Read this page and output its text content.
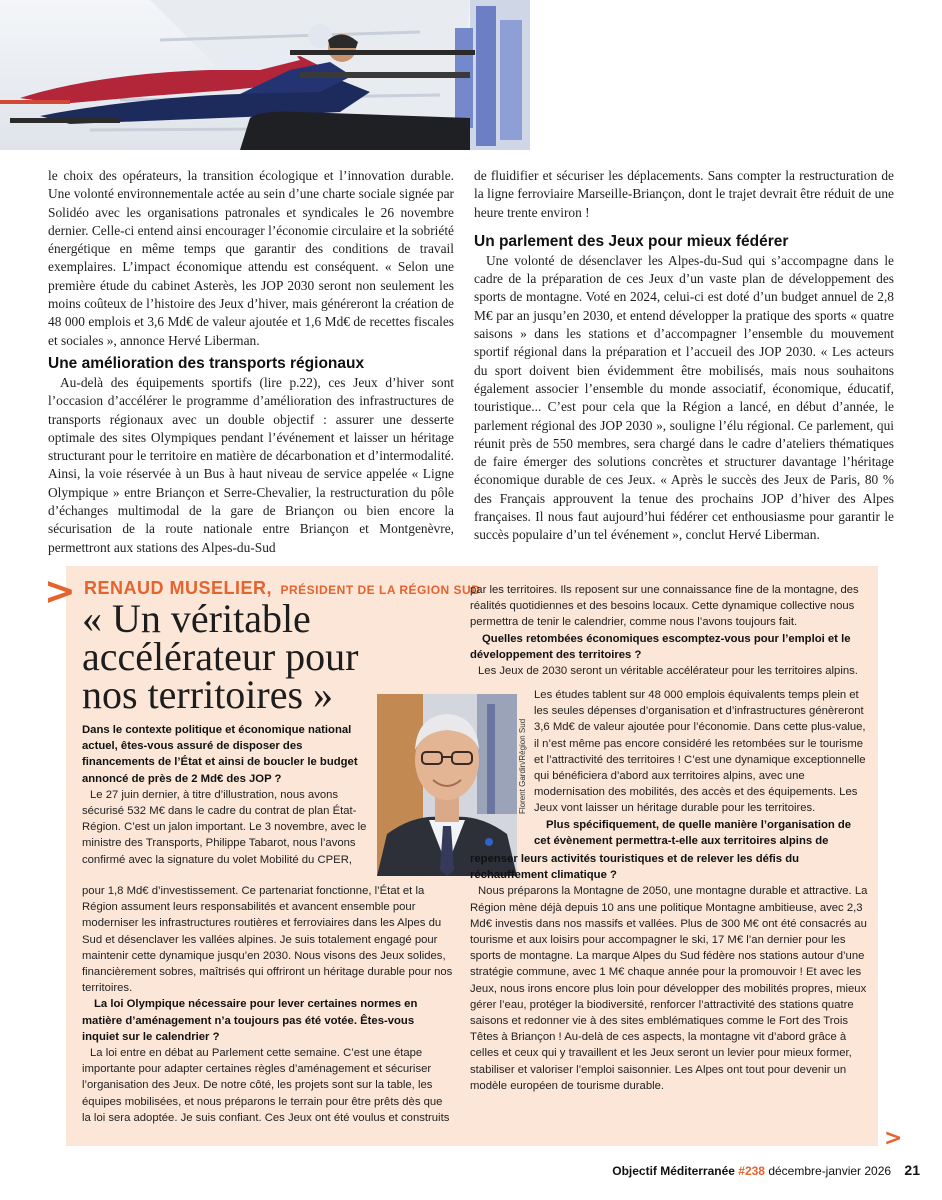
le choix des opérateurs, la transition écologique et l’innovation durable. Une volonté environnementale actée au sein d’une charte sociale signée par Solidéo avec les organisations patronales et syndicales le 26 novembre dernier. Celle-ci entend ainsi encourager l’économie circulaire et la sobriété énergétique en même temps que garantir des conditions de travail exemplaires. L’impact économique attendu est conséquent. « Selon une première étude du cabinet Asterès, les JOP 2030 seront non seulement les moins coûteux de l’histoire des Jeux d’hiver, mais généreront la création de 48 000 emplois et 3,6 Md€ de valeur ajoutée et 1,6 Md€ de recettes fiscales et sociales », annonce Hervé Liberman.

Une amélioration des transports régionaux

Au-delà des équipements sportifs (lire p.22), ces Jeux d’hiver sont l’occasion d’accélérer le programme d’amélioration des infrastructures de transports régionaux avec un double objectif : assurer une desserte optimale des sites Olympiques pendant l’événement et laisser un héritage structurant pour le territoire en matière de décarbonation et d’intermodalité. Ainsi, la voie réservée à un Bus à haut niveau de service appelée « Ligne Olympique » entre Briançon et Serre-Chevalier, la restructuration du pôle d’échanges multimodal de la gare de Briançon ou bien encore la sécurisation de la route nationale entre Briançon et Montgenèvre, permettront aux stations des Alpes-du-Sud

de fluidifier et sécuriser les déplacements. Sans compter la restructuration de la ligne ferroviaire Marseille-Briançon, dont le trajet devrait être réduit de une heure trente environ !

Un parlement des Jeux pour mieux fédérer

Une volonté de désenclaver les Alpes-du-Sud qui s’accompagne dans le cadre de la préparation de ces Jeux d’un vaste plan de développement des sports de montagne. Voté en 2024, celui-ci est doté d’un budget annuel de 2,8 M€ par an jusqu’en 2030, et entend développer la pratique des sports « quatre saisons » dans les stations et d’accompagner l’ensemble du mouvement sportif régional dans la préparation et l’accueil des JOP 2030. « Les acteurs du sport doivent bien évidemment être mobilisés, mais nous souhaitons également associer l’ensemble du monde associatif, économique, éducatif, touristique... C’est pour cela que la Région a lancé, en début d’année, le parlement régional des JOP 2030 », souligne l’élu régional. Ce parlement, qui réunit près de 550 membres, sera chargé dans le cadre d’ateliers thématiques de faire émerger des solutions concrètes et structurer davantage l’héritage économique durable de ces Jeux. « Après le succès des Jeux de Paris, 80 % des Français approuvent la tenue des prochains JOP d’hiver des Alpes françaises. Il nous faut aujourd’hui fédérer cet enthousiasme pour garantir le succès populaire d’un tel événement », conclut Hervé Liberman.

> RENAUD MUSELIER, PRÉSIDENT DE LA RÉGION SUD
« Un véritable accélérateur pour nos territoires »
Florent Gardin/Région Sud

Dans le contexte politique et économique national actuel, êtes-vous assuré de disposer des financements de l’État et ainsi de boucler le budget annoncé de près de 2 Md€ des JOP ?

Le 27 juin dernier, à titre d’illustration, nous avons sécurisé 532 M€ dans le cadre du contrat de plan État-Région. C’est un jalon important. Le 3 novembre, avec le ministre des Transports, Philippe Tabarot, nous l’avons confirmé avec la signature du volet Mobilité du CPER,

pour 1,8 Md€ d’investissement. Ce partenariat fonctionne, l’État et la Région assument leurs responsabilités et avancent ensemble pour moderniser les infrastructures routières et ferroviaires dans les Alpes du Sud et désenclaver les vallées alpines. Je suis totalement engagé pour maintenir cette dynamique jusqu’en 2030. Nous visons des Jeux solides, financièrement sobres, maîtrisés qui offriront un héritage durable pour nos territoires.

La loi Olympique nécessaire pour lever certaines normes en matière d’aménagement n’a toujours pas été votée. Êtes-vous inquiet sur le calendrier ?

La loi entre en débat au Parlement cette semaine. C’est une étape importante pour adapter certaines règles d’aménagement et sécuriser l’organisation des Jeux. De notre côté, les projets sont sur la table, les équipes mobilisées, et nous préparons le terrain pour être prêts dès que la loi sera adoptée. Je suis confiant. Ces Jeux ont été voulus et construits

par les territoires. Ils reposent sur une connaissance fine de la montagne, des réalités quotidiennes et des besoins locaux. Cette dynamique collective nous permettra de tenir le calendrier, comme nous l’avons toujours fait.

Quelles retombées économiques escomptez-vous pour l’emploi et le développement des territoires ?

Les Jeux de 2030 seront un véritable accélérateur pour les territoires alpins.

Les études tablent sur 48 000 emplois équivalents temps plein et les seules dépenses d’organisation et d’infrastructures génèreront 3,6 Md€ de valeur ajoutée pour l’économie. Dans cette plus-value, il n’est même pas encore considéré les retombées sur le tourisme et l’attractivité des territoires ! C’est une dynamique exceptionnelle qui bénéficiera d’abord aux territoires alpins, avec une modernisation des mobilités, des accès et des équipements. Les Jeux vont laisser un héritage durable pour les territoires.

Plus spécifiquement, de quelle manière l’organisation de cet évènement permettra-t-elle aux territoires alpins de

repenser leurs activités touristiques et de relever les défis du réchauffement climatique ?

Nous préparons la Montagne de 2050, une montagne durable et attractive. La Région mène déjà depuis 10 ans une politique Montagne ambitieuse, avec 2,3 Md€ investis dans nos massifs et vallées. Plus de 300 M€ ont été consacrés au tourisme et aux loisirs pour accompagner le ski, 17 M€ l’an dernier pour les sports de montagne. La marque Alpes du Sud fédère nos stations autour d’une stratégie commune, avec 1 M€ chaque année pour la promouvoir ! Et avec les Jeux, nous irons encore plus loin pour développer des mobilités propres, mieux gérer l’eau, protéger la biodiversité, renforcer l’attractivité des stations quatre saisons et redonner vie à des sites emblématiques comme le Fort des Trois Têtes à Briançon ! Au-delà de ces aspects, la montagne vit d’abord grâce à celles et ceux qui y travaillent et les Jeux seront un levier pour mieux former, stabiliser et valoriser l’emploi saisonnier. Les Alpes ont tout pour devenir un modèle européen de tourisme durable.

>
Objectif Méditerranée #238 décembre-janvier 2026 21
